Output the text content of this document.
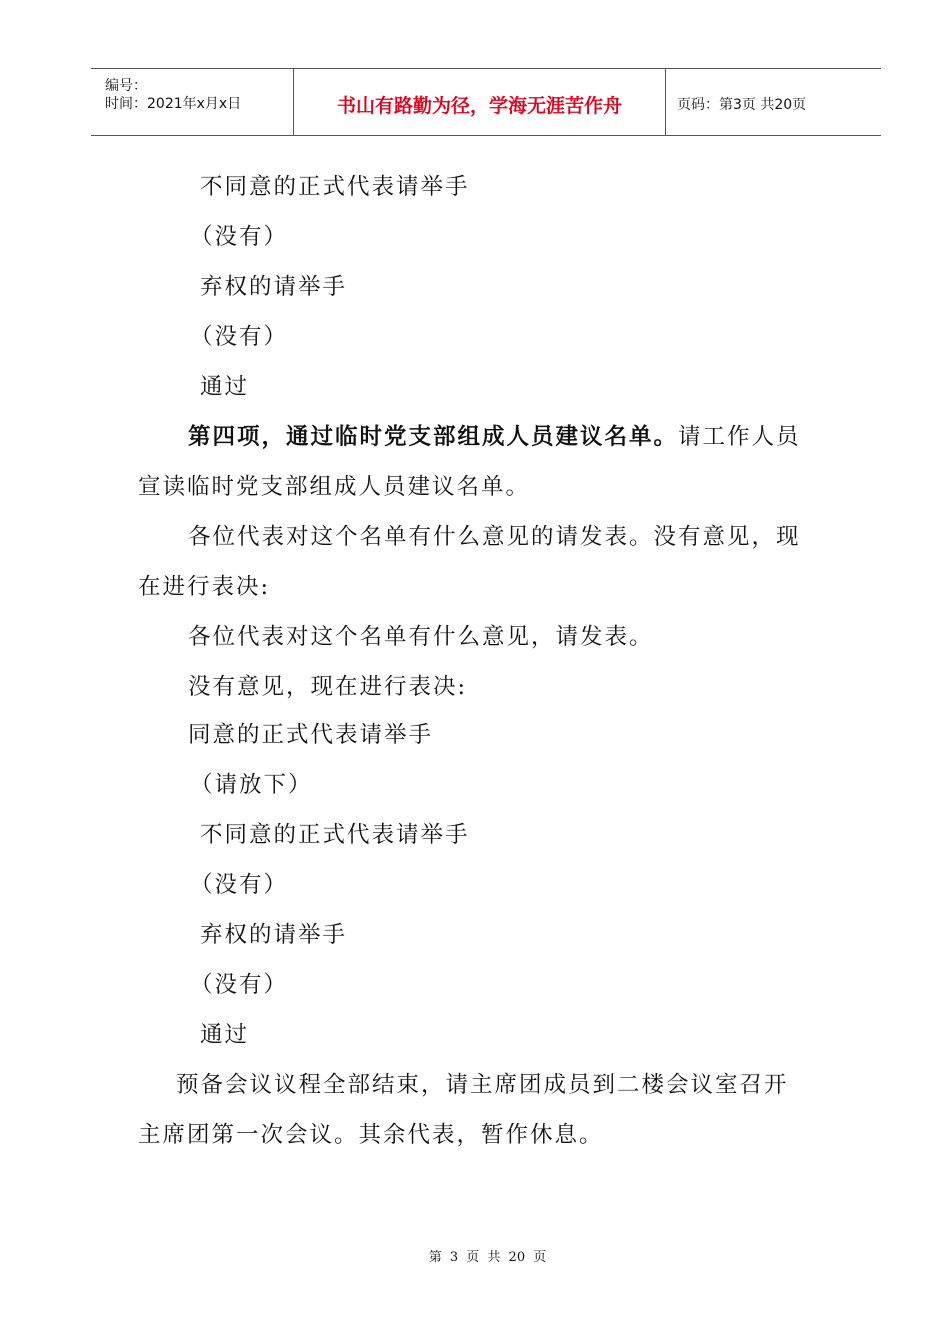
编号：
时间：2021年x月x日	书山有路勤为径，学海无涯苦作舟	页码：第3页 共20页
不同意的正式代表请举手
（没有）
弃权的请举手
（没有）
通过
第四项，通过临时党支部组成人员建议名单。请工作人员
宣读临时党支部组成人员建议名单。
各位代表对这个名单有什么意见的请发表。没有意见，现
在进行表决:
各位代表对这个名单有什么意见，请发表。
没有意见，现在进行表决:
同意的正式代表请举手
（请放下）
不同意的正式代表请举手
（没有）
弃权的请举手
（没有）
通过
预备会议议程全部结束，请主席团成员到二楼会议室召开
主席团第一次会议。其余代表，暂作休息。
第 3 页 共 20 页
